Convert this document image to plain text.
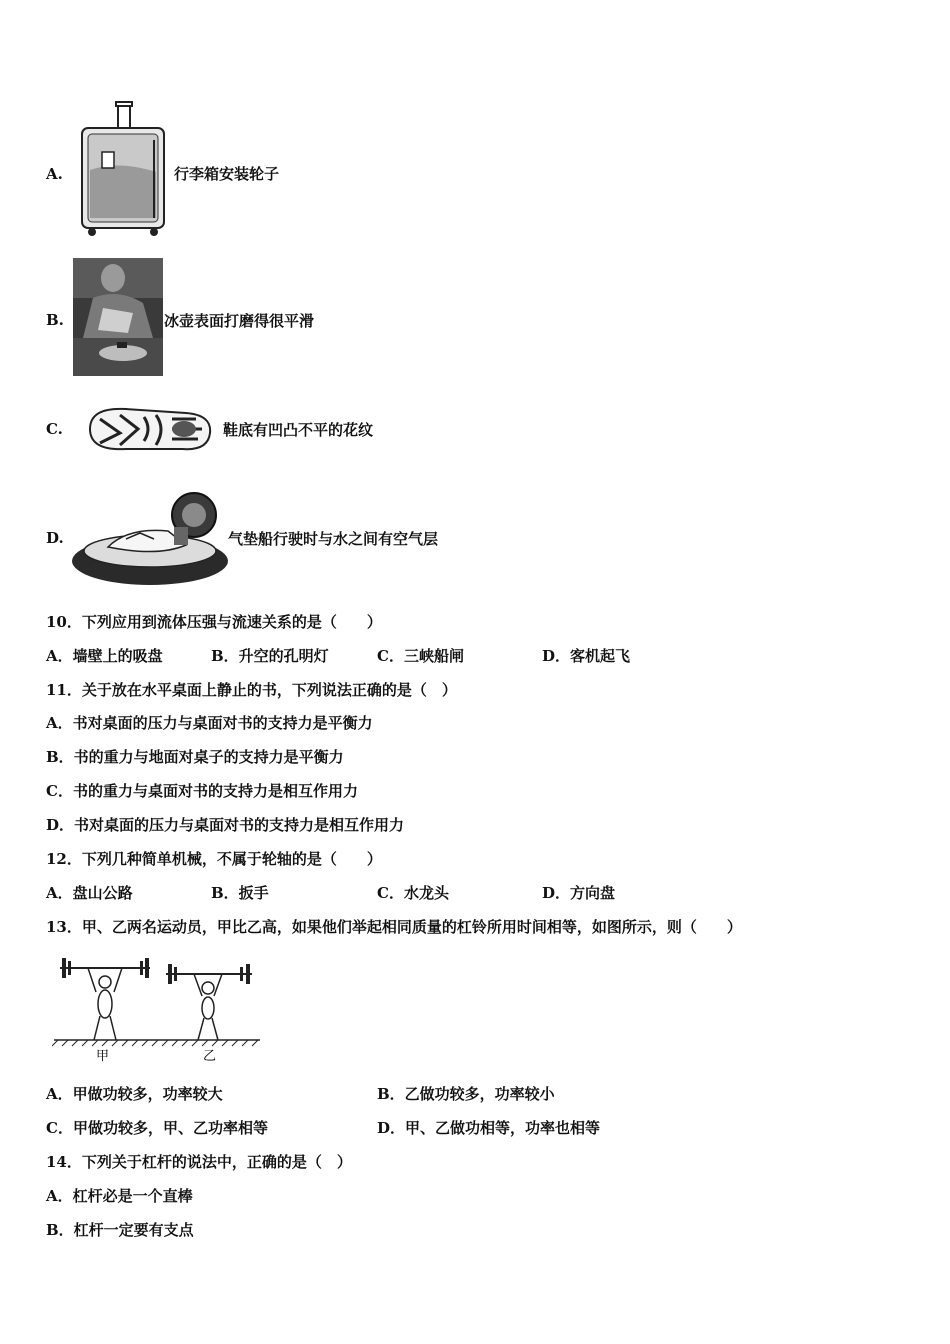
A.	行李箱安装轮子
B.	冰壶表面打磨得很平滑
C.	鞋底有凹凸不平的花纹
D.	气垫船行驶时与水之间有空气层
10．下列应用到流体压强与流速关系的是（　　）
A．墙壁上的吸盘	B．升空的孔明灯	C．三峡船闸	D．客机起飞
11．关于放在水平桌面上静止的书，下列说法正确的是（　）
A．书对桌面的压力与桌面对书的支持力是平衡力
B．书的重力与地面对桌子的支持力是平衡力
C．书的重力与桌面对书的支持力是相互作用力
D．书对桌面的压力与桌面对书的支持力是相互作用力
12．下列几种简单机械，不属于轮轴的是（　　）
A．盘山公路	B．扳手	C．水龙头	D．方向盘
13．甲、乙两名运动员，甲比乙高，如果他们举起相同质量的杠铃所用时间相等，如图所示，则（　　）
甲	乙
A．甲做功较多，功率较大	B．乙做功较多，功率较小
C．甲做功较多，甲、乙功率相等	D．甲、乙做功相等，功率也相等
14．下列关于杠杆的说法中，正确的是（　）
A．杠杆必是一个直棒
B．杠杆一定要有支点
